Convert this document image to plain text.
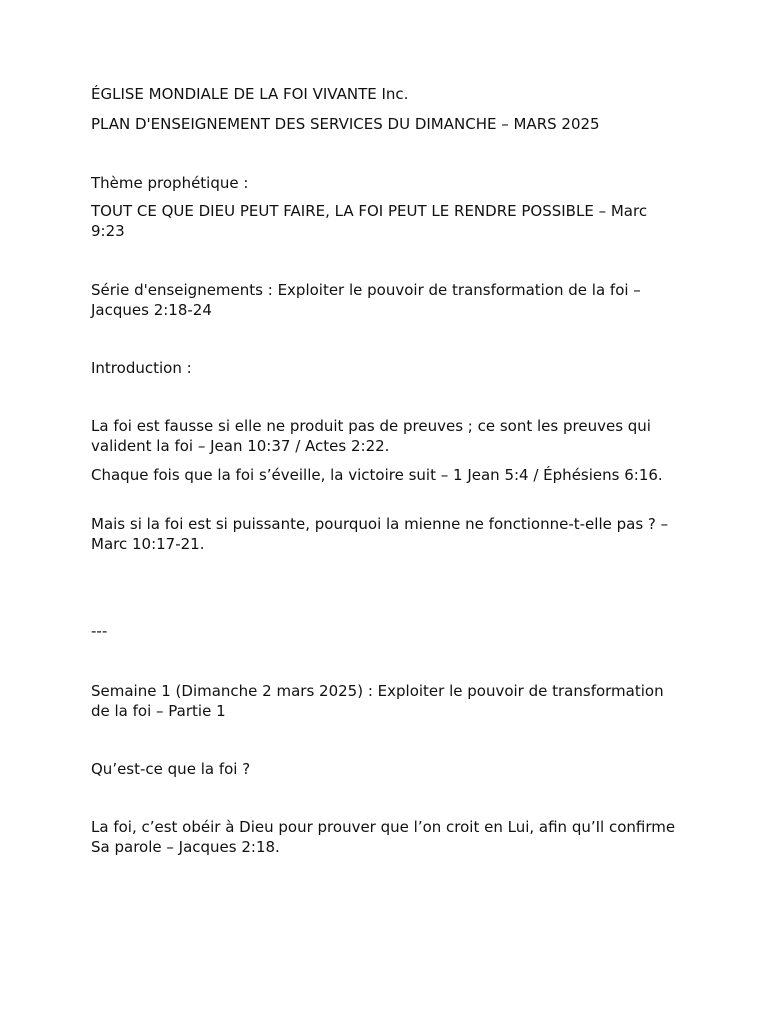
ÉGLISE MONDIALE DE LA FOI VIVANTE Inc.

PLAN D'ENSEIGNEMENT DES SERVICES DU DIMANCHE – MARS 2025

Thème prophétique :

TOUT CE QUE DIEU PEUT FAIRE, LA FOI PEUT LE RENDRE POSSIBLE – Marc 9:23

Série d'enseignements : Exploiter le pouvoir de transformation de la foi – Jacques 2:18-24

Introduction :

La foi est fausse si elle ne produit pas de preuves ; ce sont les preuves qui valident la foi – Jean 10:37 / Actes 2:22.

Chaque fois que la foi s’éveille, la victoire suit – 1 Jean 5:4 / Éphésiens 6:16.

Mais si la foi est si puissante, pourquoi la mienne ne fonctionne-t-elle pas ? – Marc 10:17-21.

---

Semaine 1 (Dimanche 2 mars 2025) : Exploiter le pouvoir de transformation de la foi – Partie 1

Qu’est-ce que la foi ?

La foi, c’est obéir à Dieu pour prouver que l’on croit en Lui, afin qu’Il confirme Sa parole – Jacques 2:18.
